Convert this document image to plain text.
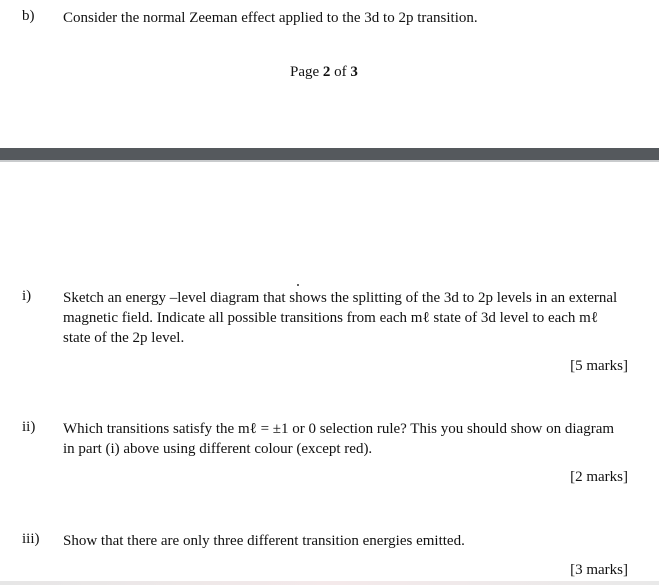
b) Consider the normal Zeeman effect applied to the 3d to 2p transition.
Page 2 of 3
i) Sketch an energy –level diagram that shows the splitting of the 3d to 2p levels in an external magnetic field. Indicate all possible transitions from each mℓ state of 3d level to each mℓ state of the 2p level.
[5 marks]
ii) Which transitions satisfy the mℓ = ±1 or 0 selection rule? This you should show on diagram in part (i) above using different colour (except red).
[2 marks]
iii) Show that there are only three different transition energies emitted.
[3 marks]
